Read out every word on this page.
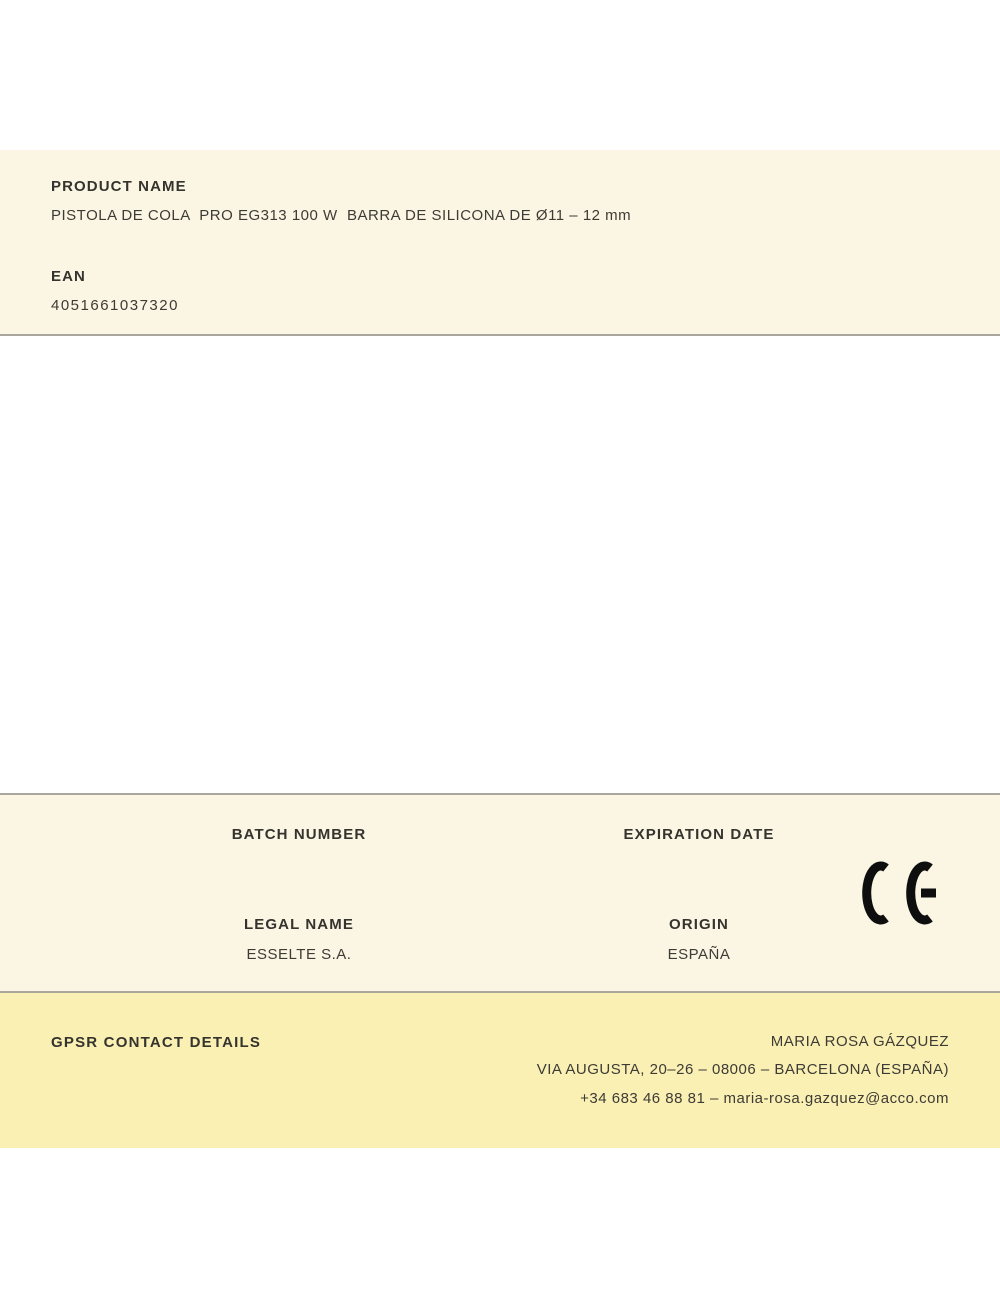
PRODUCT NAME
PISTOLA DE COLA  PRO EG313 100 W  BARRA DE SILICONA DE Ø11 – 12 mm
EAN
4051661037320
BATCH NUMBER	EXPIRATION DATE
LEGAL NAME
ESSELTE S.A.
ORIGIN
ESPAÑA
GPSR CONTACT DETAILS	MARIA ROSA GÁZQUEZ
VIA AUGUSTA, 20–26 – 08006 – BARCELONA (ESPAÑA)
+34 683 46 88 81 – maria-rosa.gazquez@acco.com
